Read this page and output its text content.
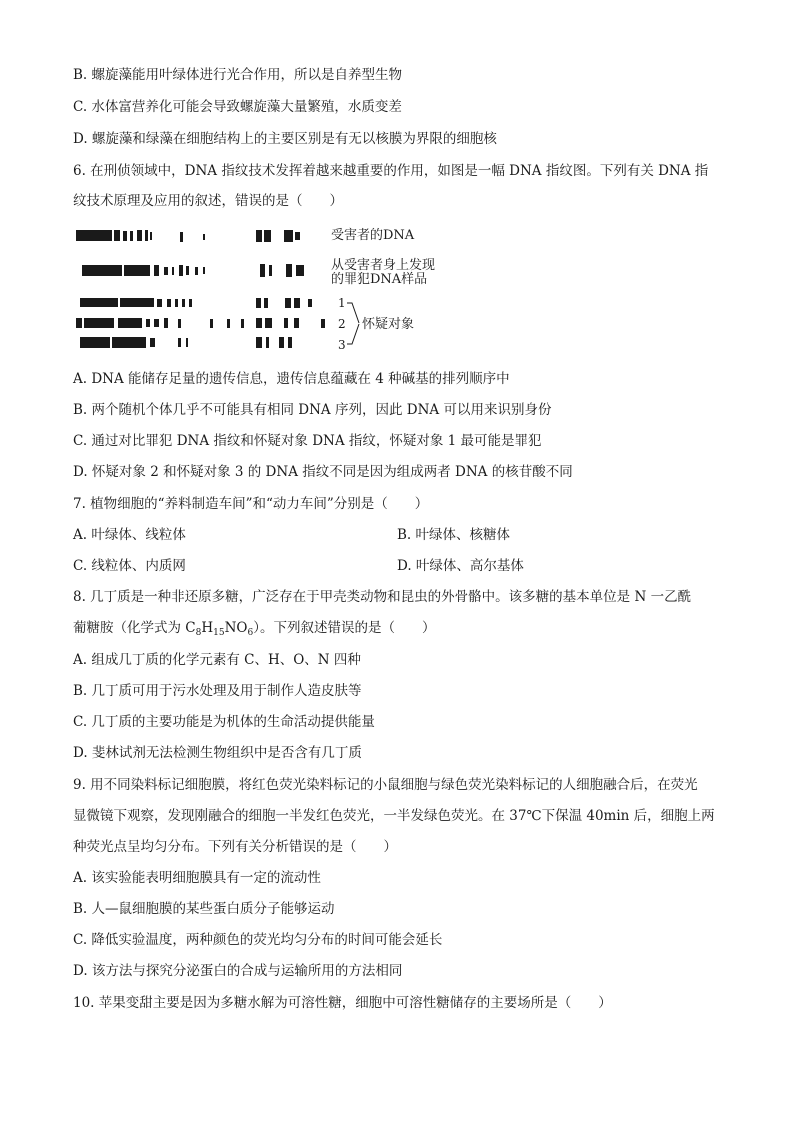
B. 螺旋藻能用叶绿体进行光合作用，所以是自养型生物
C. 水体富营养化可能会导致螺旋藻大量繁殖，水质变差
D. 螺旋藻和绿藻在细胞结构上的主要区别是有无以核膜为界限的细胞核
6. 在刑侦领域中，DNA 指纹技术发挥着越来越重要的作用，如图是一幅 DNA 指纹图。下列有关 DNA 指
纹技术原理及应用的叙述，错误的是（　　）
受害者的DNA
从受害者身上发现
的罪犯DNA样品
1
2
3
怀疑对象
A. DNA 能储存足量的遗传信息，遗传信息蕴藏在 4 种碱基的排列顺序中
B. 两个随机个体几乎不可能具有相同 DNA 序列，因此 DNA 可以用来识别身份
C. 通过对比罪犯 DNA 指纹和怀疑对象 DNA 指纹，怀疑对象 1 最可能是罪犯
D. 怀疑对象 2 和怀疑对象 3 的 DNA 指纹不同是因为组成两者 DNA 的核苷酸不同
7. 植物细胞的“养料制造车间”和“动力车间”分别是（　　）
A. 叶绿体、线粒体	B. 叶绿体、核糖体
C. 线粒体、内质网	D. 叶绿体、高尔基体
8. 几丁质是一种非还原多糖，广泛存在于甲壳类动物和昆虫的外骨骼中。该多糖的基本单位是 N 一乙酰
葡糖胺（化学式为 $C_8H_{15}NO_6$）。下列叙述错误的是（　　）
A. 组成几丁质的化学元素有 C、H、O、N 四种
B. 几丁质可用于污水处理及用于制作人造皮肤等
C. 几丁质的主要功能是为机体的生命活动提供能量
D. 斐林试剂无法检测生物组织中是否含有几丁质
9. 用不同染料标记细胞膜，将红色荧光染料标记的小鼠细胞与绿色荧光染料标记的人细胞融合后，在荧光
显微镜下观察，发现刚融合的细胞一半发红色荧光，一半发绿色荧光。在 37℃下保温 40min 后，细胞上两
种荧光点呈均匀分布。下列有关分析错误的是（　　）
A. 该实验能表明细胞膜具有一定的流动性
B. 人—鼠细胞膜的某些蛋白质分子能够运动
C. 降低实验温度，两种颜色的荧光均匀分布的时间可能会延长
D. 该方法与探究分泌蛋白的合成与运输所用的方法相同
10. 苹果变甜主要是因为多糖水解为可溶性糖，细胞中可溶性糖储存的主要场所是（　　）
